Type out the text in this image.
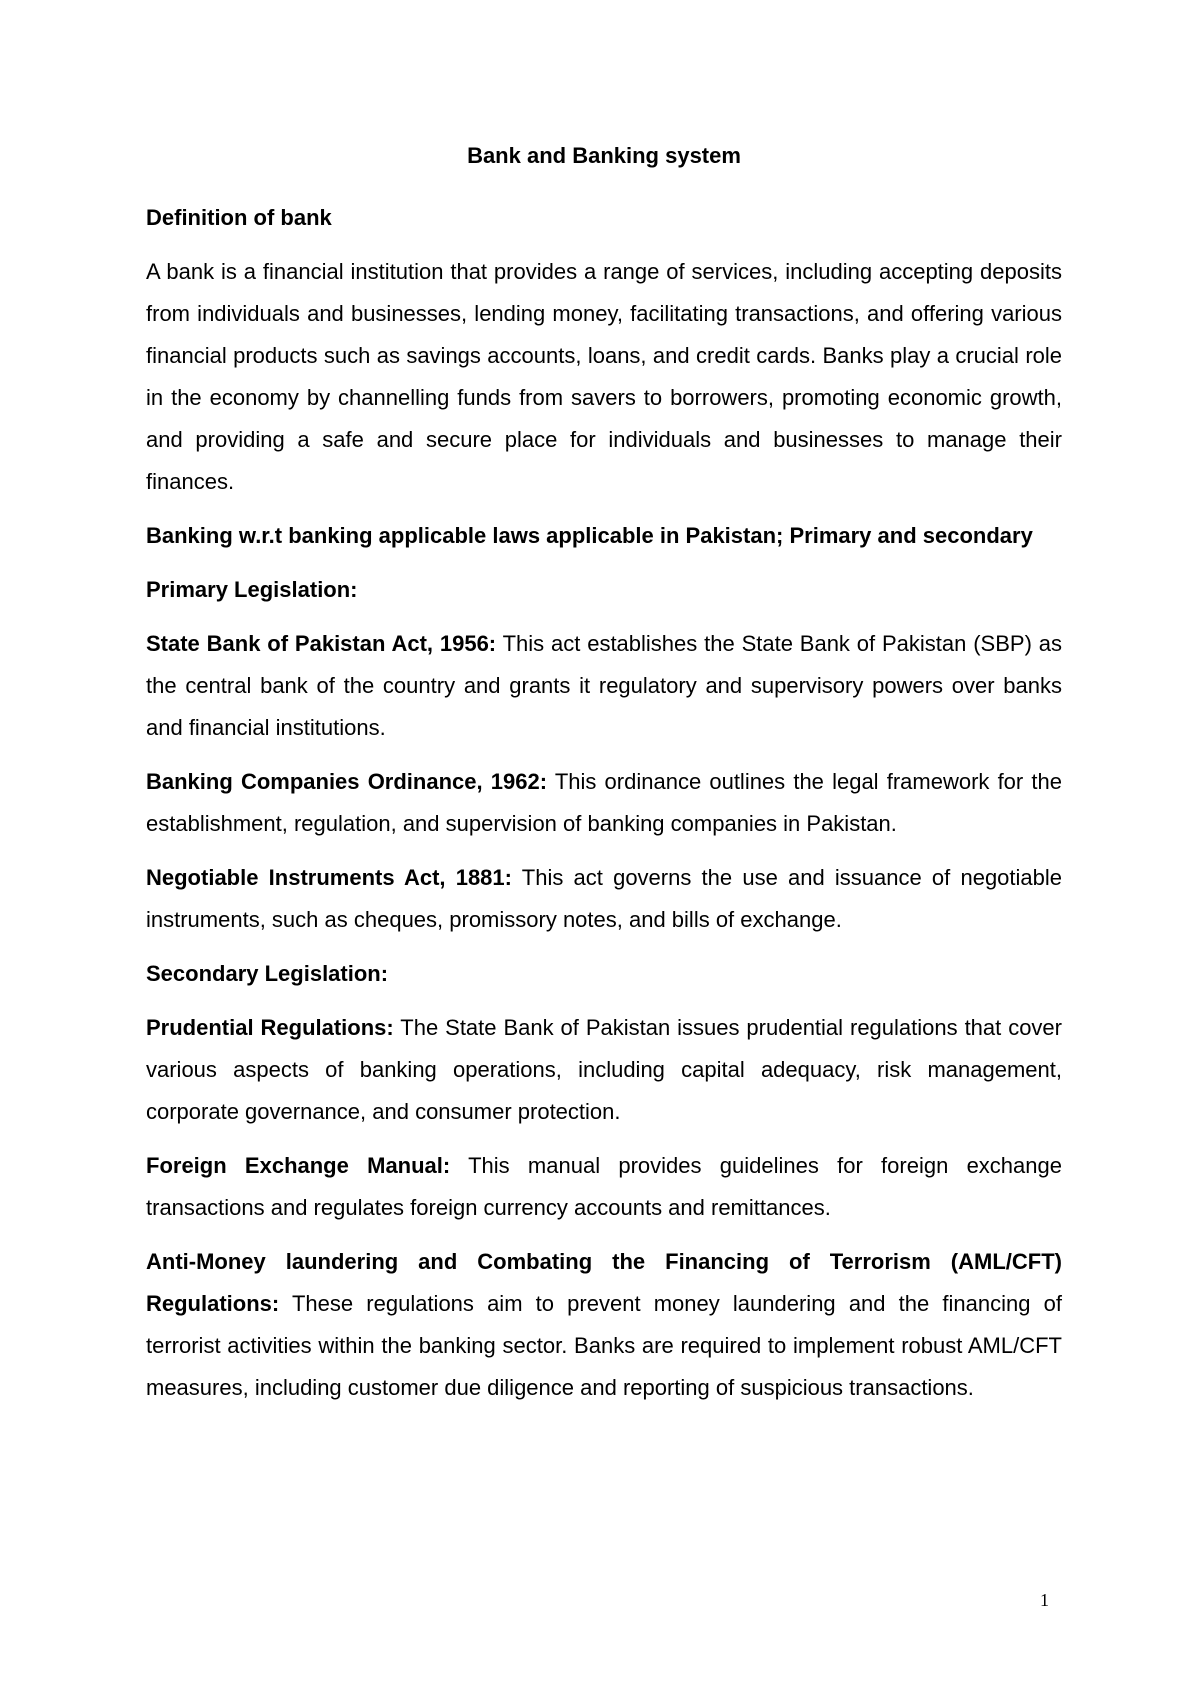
Bank and Banking system
Definition of bank

A bank is a financial institution that provides a range of services, including accepting deposits from individuals and businesses, lending money, facilitating transactions, and offering various financial products such as savings accounts, loans, and credit cards. Banks play a crucial role in the economy by channelling funds from savers to borrowers, promoting economic growth, and providing a safe and secure place for individuals and businesses to manage their finances.

Banking w.r.t banking applicable laws applicable in Pakistan; Primary and secondary
Primary Legislation:

State Bank of Pakistan Act, 1956: This act establishes the State Bank of Pakistan (SBP) as the central bank of the country and grants it regulatory and supervisory powers over banks and financial institutions.

Banking Companies Ordinance, 1962: This ordinance outlines the legal framework for the establishment, regulation, and supervision of banking companies in Pakistan.

Negotiable Instruments Act, 1881: This act governs the use and issuance of negotiable instruments, such as cheques, promissory notes, and bills of exchange.

Secondary Legislation:

Prudential Regulations: The State Bank of Pakistan issues prudential regulations that cover various aspects of banking operations, including capital adequacy, risk management, corporate governance, and consumer protection.

Foreign Exchange Manual: This manual provides guidelines for foreign exchange transactions and regulates foreign currency accounts and remittances.

Anti-Money laundering and Combating the Financing of Terrorism (AML/CFT) Regulations: These regulations aim to prevent money laundering and the financing of terrorist activities within the banking sector. Banks are required to implement robust AML/CFT measures, including customer due diligence and reporting of suspicious transactions.

1
